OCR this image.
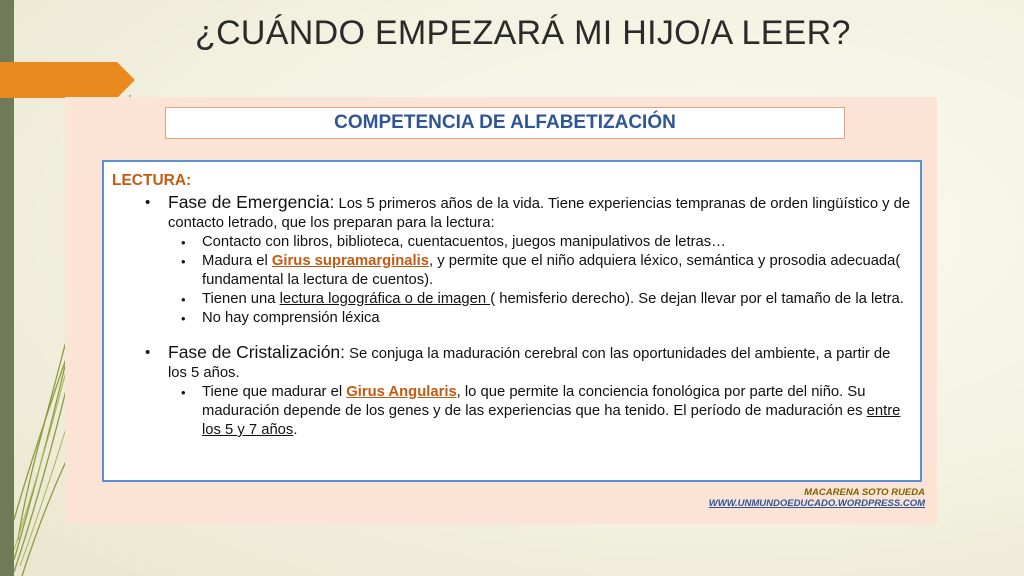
¿CUÁNDO EMPEZARÁ MI HIJO/A LEER?
COMPETENCIA DE ALFABETIZACIÓN
LECTURA:
• Fase de Emergencia: Los 5 primeros años de la vida. Tiene experiencias tempranas de orden lingüístico y de contacto letrado, que los preparan para la lectura:
• Contacto con libros, biblioteca, cuentacuentos, juegos manipulativos de letras…
• Madura el Girus supramarginalis, y permite que el niño adquiera léxico, semántica y prosodia adecuada( fundamental la lectura de cuentos).
• Tienen una lectura logográfica o de imagen ( hemisferio derecho). Se dejan llevar por el tamaño de la letra.
• No hay comprensión léxica
• Fase de Cristalización: Se conjuga la maduración cerebral con las oportunidades del ambiente, a partir de los 5 años.
• Tiene que madurar el Girus Angularis, lo que permite la conciencia fonológica por parte del niño. Su maduración depende de los genes y de las experiencias que ha tenido. El período de maduración es entre los 5 y 7 años.
MACARENA SOTO RUEDA
WWW.UNMUNDOEDUCADO.WORDPRESS.COM
